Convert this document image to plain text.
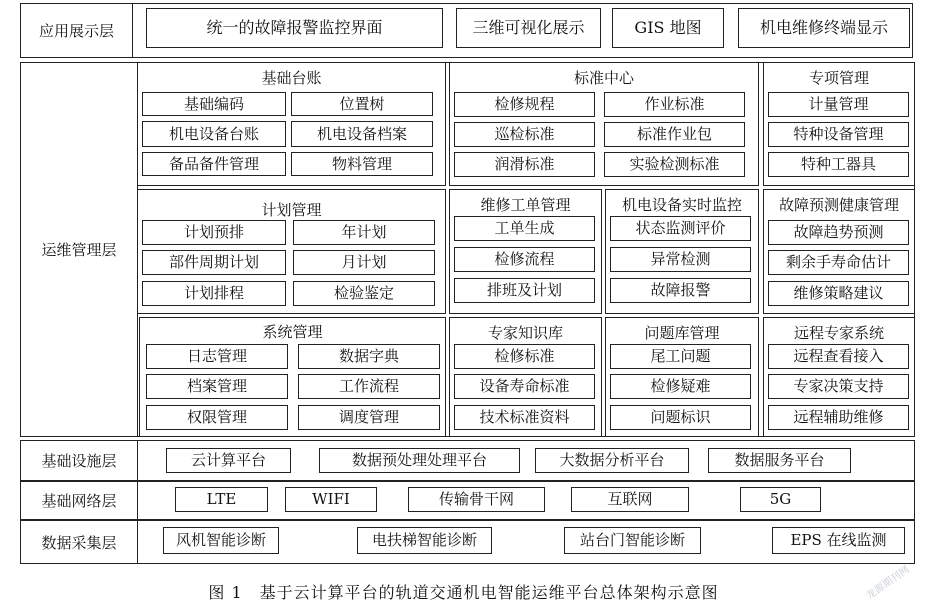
应用展示层	统一的故障报警监控界面	三维可视化展示	GIS 地图	机电维修终端显示
运维管理层
基础台账
基础编码	位置树
机电设备台账	机电设备档案
备品备件管理	物料管理
标准中心
检修规程	作业标准
巡检标准	标准作业包
润滑标准	实验检测标准
专项管理
计量管理
特种设备管理
特种工器具
计划管理
计划预排	年计划
部件周期计划	月计划
计划排程	检验鉴定
维修工单管理
工单生成
检修流程
排班及计划
机电设备实时监控
状态监测评价
异常检测
故障报警
故障预测健康管理
故障趋势预测
剩余手寿命估计
维修策略建议
系统管理
日志管理	数据字典
档案管理	工作流程
权限管理	调度管理
专家知识库
检修标准
设备寿命标准
技术标准资料
问题库管理
尾工问题
检修疑难
问题标识
远程专家系统
远程查看接入
专家决策支持
远程辅助维修
基础设施层	云计算平台	数据预处理处理平台	大数据分析平台	数据服务平台
基础网络层	LTE	WIFI	传输骨干网	互联网	5G
数据采集层	风机智能诊断	电扶梯智能诊断	站台门智能诊断	EPS 在线监测
图 1　基于云计算平台的轨道交通机电智能运维平台总体架构示意图	龙源期刊网
